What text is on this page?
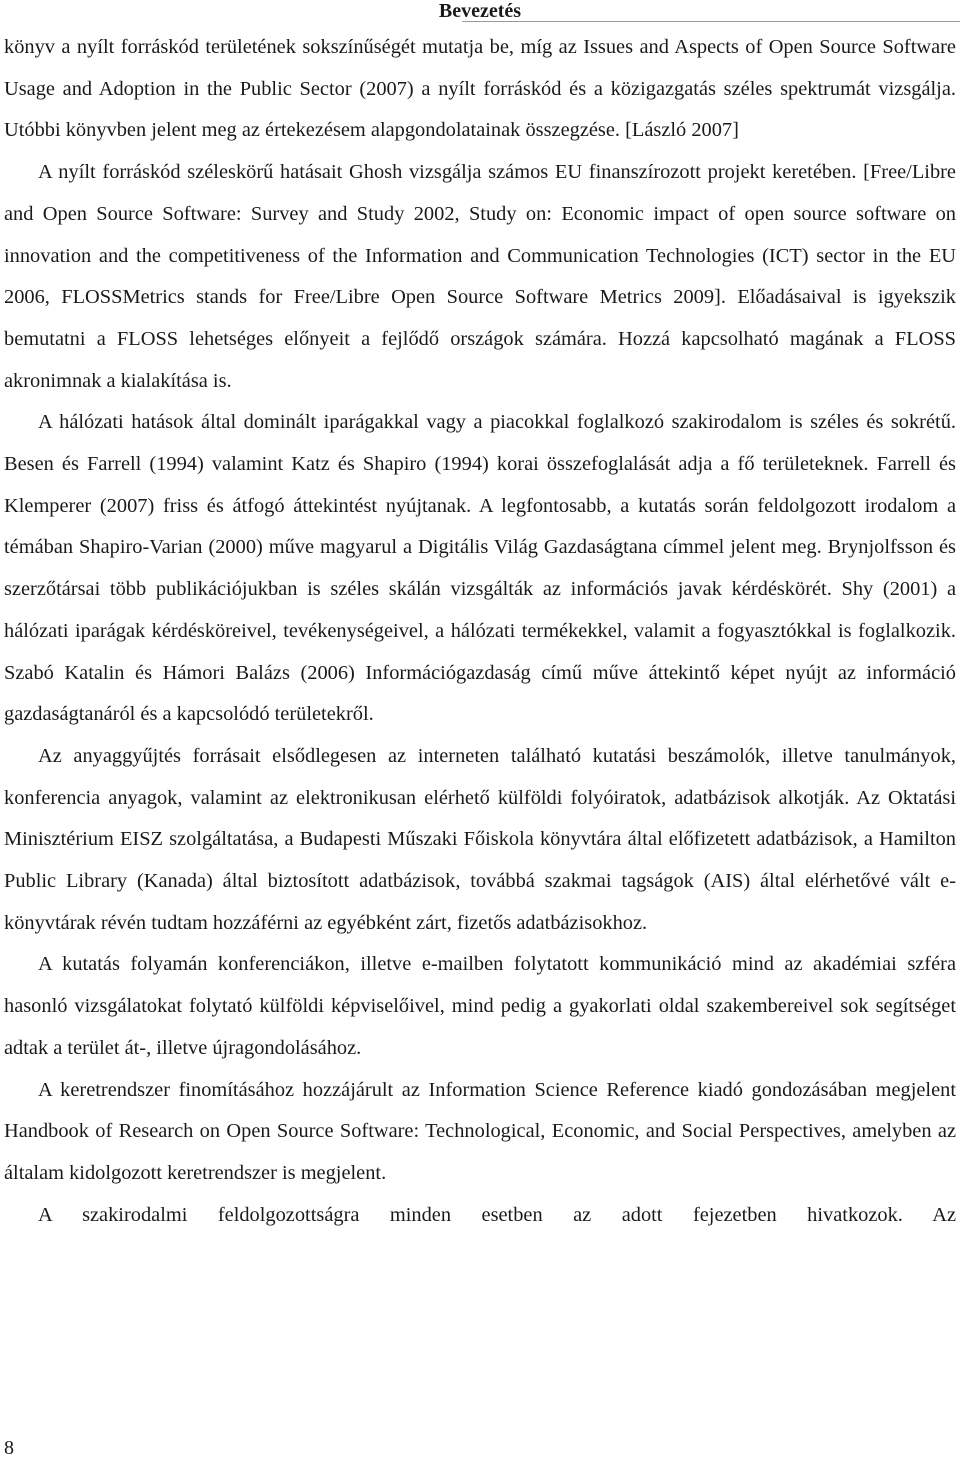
Bevezetés

könyv a nyílt forráskód területének sokszínűségét mutatja be, míg az Issues and Aspects of Open Source Software Usage and Adoption in the Public Sector (2007) a nyílt forráskód és a közigazgatás széles spektrumát vizsgálja. Utóbbi könyvben jelent meg az értekezésem alapgondolatainak összegzése. [László 2007]

A nyílt forráskód széleskörű hatásait Ghosh vizsgálja számos EU finanszírozott projekt keretében. [Free/Libre and Open Source Software: Survey and Study 2002, Study on: Economic impact of open source software on innovation and the competitiveness of the Information and Communication Technologies (ICT) sector in the EU 2006, FLOSSMetrics stands for Free/Libre Open Source Software Metrics 2009]. Előadásaival is igyekszik bemutatni a FLOSS lehetséges előnyeit a fejlődő országok számára. Hozzá kapcsolható magának a FLOSS akronimnak a kialakítása is.

A hálózati hatások által dominált iparágakkal vagy a piacokkal foglalkozó szakirodalom is széles és sokrétű. Besen és Farrell (1994) valamint Katz és Shapiro (1994) korai összefoglalását adja a fő területeknek. Farrell és Klemperer (2007) friss és átfogó áttekintést nyújtanak. A legfontosabb, a kutatás során feldolgozott irodalom a témában Shapiro-Varian (2000) műve magyarul a Digitális Világ Gazdaságtana címmel jelent meg. Brynjolfsson és szerzőtársai több publikációjukban is széles skálán vizsgálták az információs javak kérdéskörét. Shy (2001) a hálózati iparágak kérdésköreivel, tevékenységeivel, a hálózati termékekkel, valamit a fogyasztókkal is foglalkozik. Szabó Katalin és Hámori Balázs (2006) Információgazdaság című műve áttekintő képet nyújt az információ gazdaságtanáról és a kapcsolódó területekről.

Az anyaggyűjtés forrásait elsődlegesen az interneten található kutatási beszámolók, illetve tanulmányok, konferencia anyagok, valamint az elektronikusan elérhető külföldi folyóiratok, adatbázisok alkotják. Az Oktatási Minisztérium EISZ szolgáltatása, a Budapesti Műszaki Főiskola könyvtára által előfizetett adatbázisok, a Hamilton Public Library (Kanada) által biztosított adatbázisok, továbbá szakmai tagságok (AIS) által elérhetővé vált e-könyvtárak révén tudtam hozzáférni az egyébként zárt, fizetős adatbázisokhoz.

A kutatás folyamán konferenciákon, illetve e-mailben folytatott kommunikáció mind az akadémiai szféra hasonló vizsgálatokat folytató külföldi képviselőivel, mind pedig a gyakorlati oldal szakembereivel sok segítséget adtak a terület át-, illetve újragondolásához.

A keretrendszer finomításához hozzájárult az Information Science Reference kiadó gondozásában megjelent Handbook of Research on Open Source Software: Technological, Economic, and Social Perspectives, amelyben az általam kidolgozott keretrendszer is megjelent.

A szakirodalmi feldolgozottságra minden esetben az adott fejezetben hivatkozok. Az

8
